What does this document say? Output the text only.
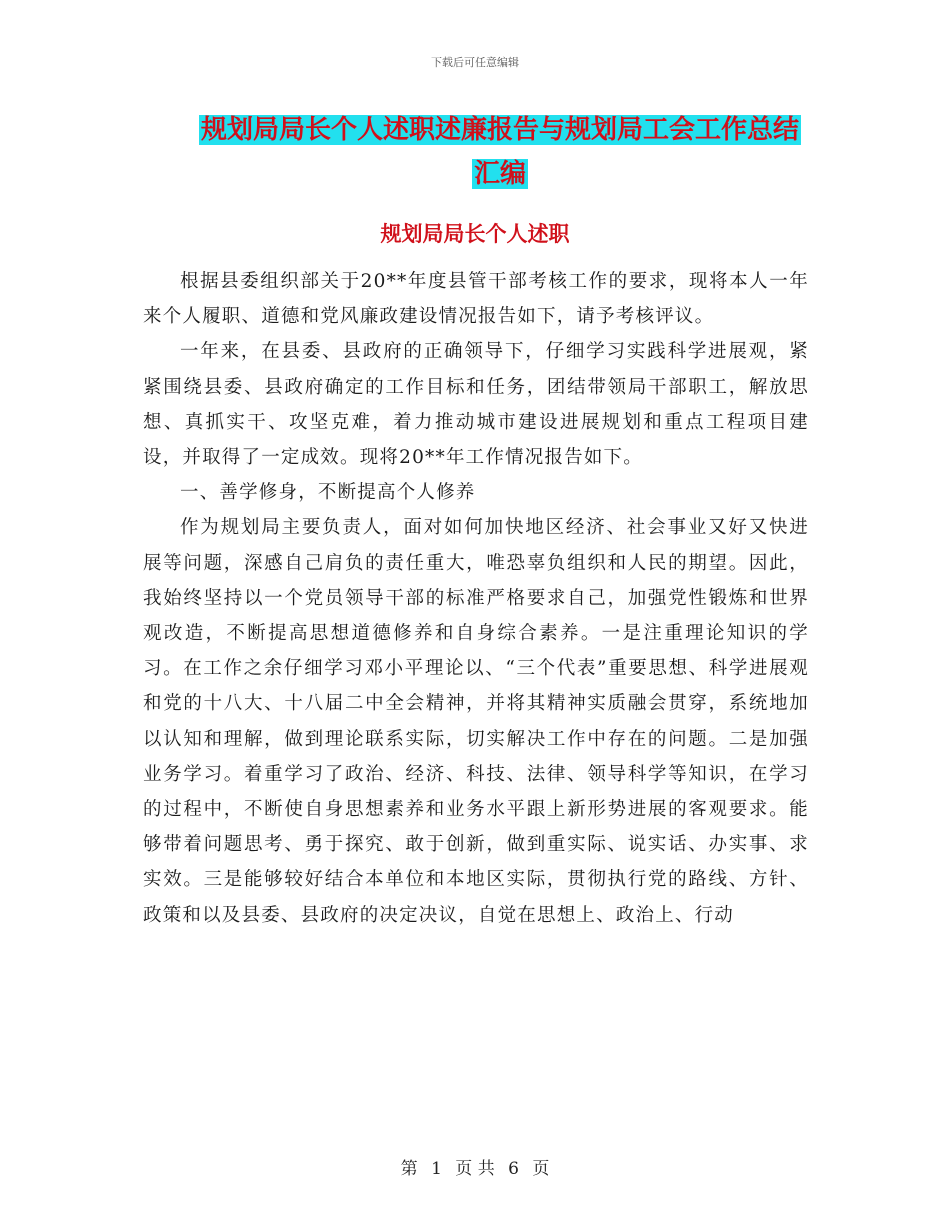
下载后可任意编辑
规划局局长个人述职述廉报告与规划局工会工作总结
汇编
规划局局长个人述职

根据县委组织部关于20**年度县管干部考核工作的要求，现将本人一年来个人履职、道德和党风廉政建设情况报告如下，请予考核评议。

一年来，在县委、县政府的正确领导下，仔细学习实践科学进展观，紧紧围绕县委、县政府确定的工作目标和任务，团结带领局干部职工，解放思想、真抓实干、攻坚克难，着力推动城市建设进展规划和重点工程项目建设，并取得了一定成效。现将20**年工作情况报告如下。

一、善学修身，不断提高个人修养

作为规划局主要负责人，面对如何加快地区经济、社会事业又好又快进展等问题，深感自己肩负的责任重大，唯恐辜负组织和人民的期望。因此，我始终坚持以一个党员领导干部的标准严格要求自己，加强党性锻炼和世界观改造，不断提高思想道德修养和自身综合素养。一是注重理论知识的学习。在工作之余仔细学习邓小平理论以、“三个代表”重要思想、科学进展观和党的十八大、十八届二中全会精神，并将其精神实质融会贯穿，系统地加以认知和理解，做到理论联系实际，切实解决工作中存在的问题。二是加强业务学习。着重学习了政治、经济、科技、法律、领导科学等知识，在学习的过程中，不断使自身思想素养和业务水平跟上新形势进展的客观要求。能够带着问题思考、勇于探究、敢于创新，做到重实际、说实话、办实事、求实效。三是能够较好结合本单位和本地区实际，贯彻执行党的路线、方针、政策和以及县委、县政府的决定决议，自觉在思想上、政治上、行动

第 1 页 共 6 页
